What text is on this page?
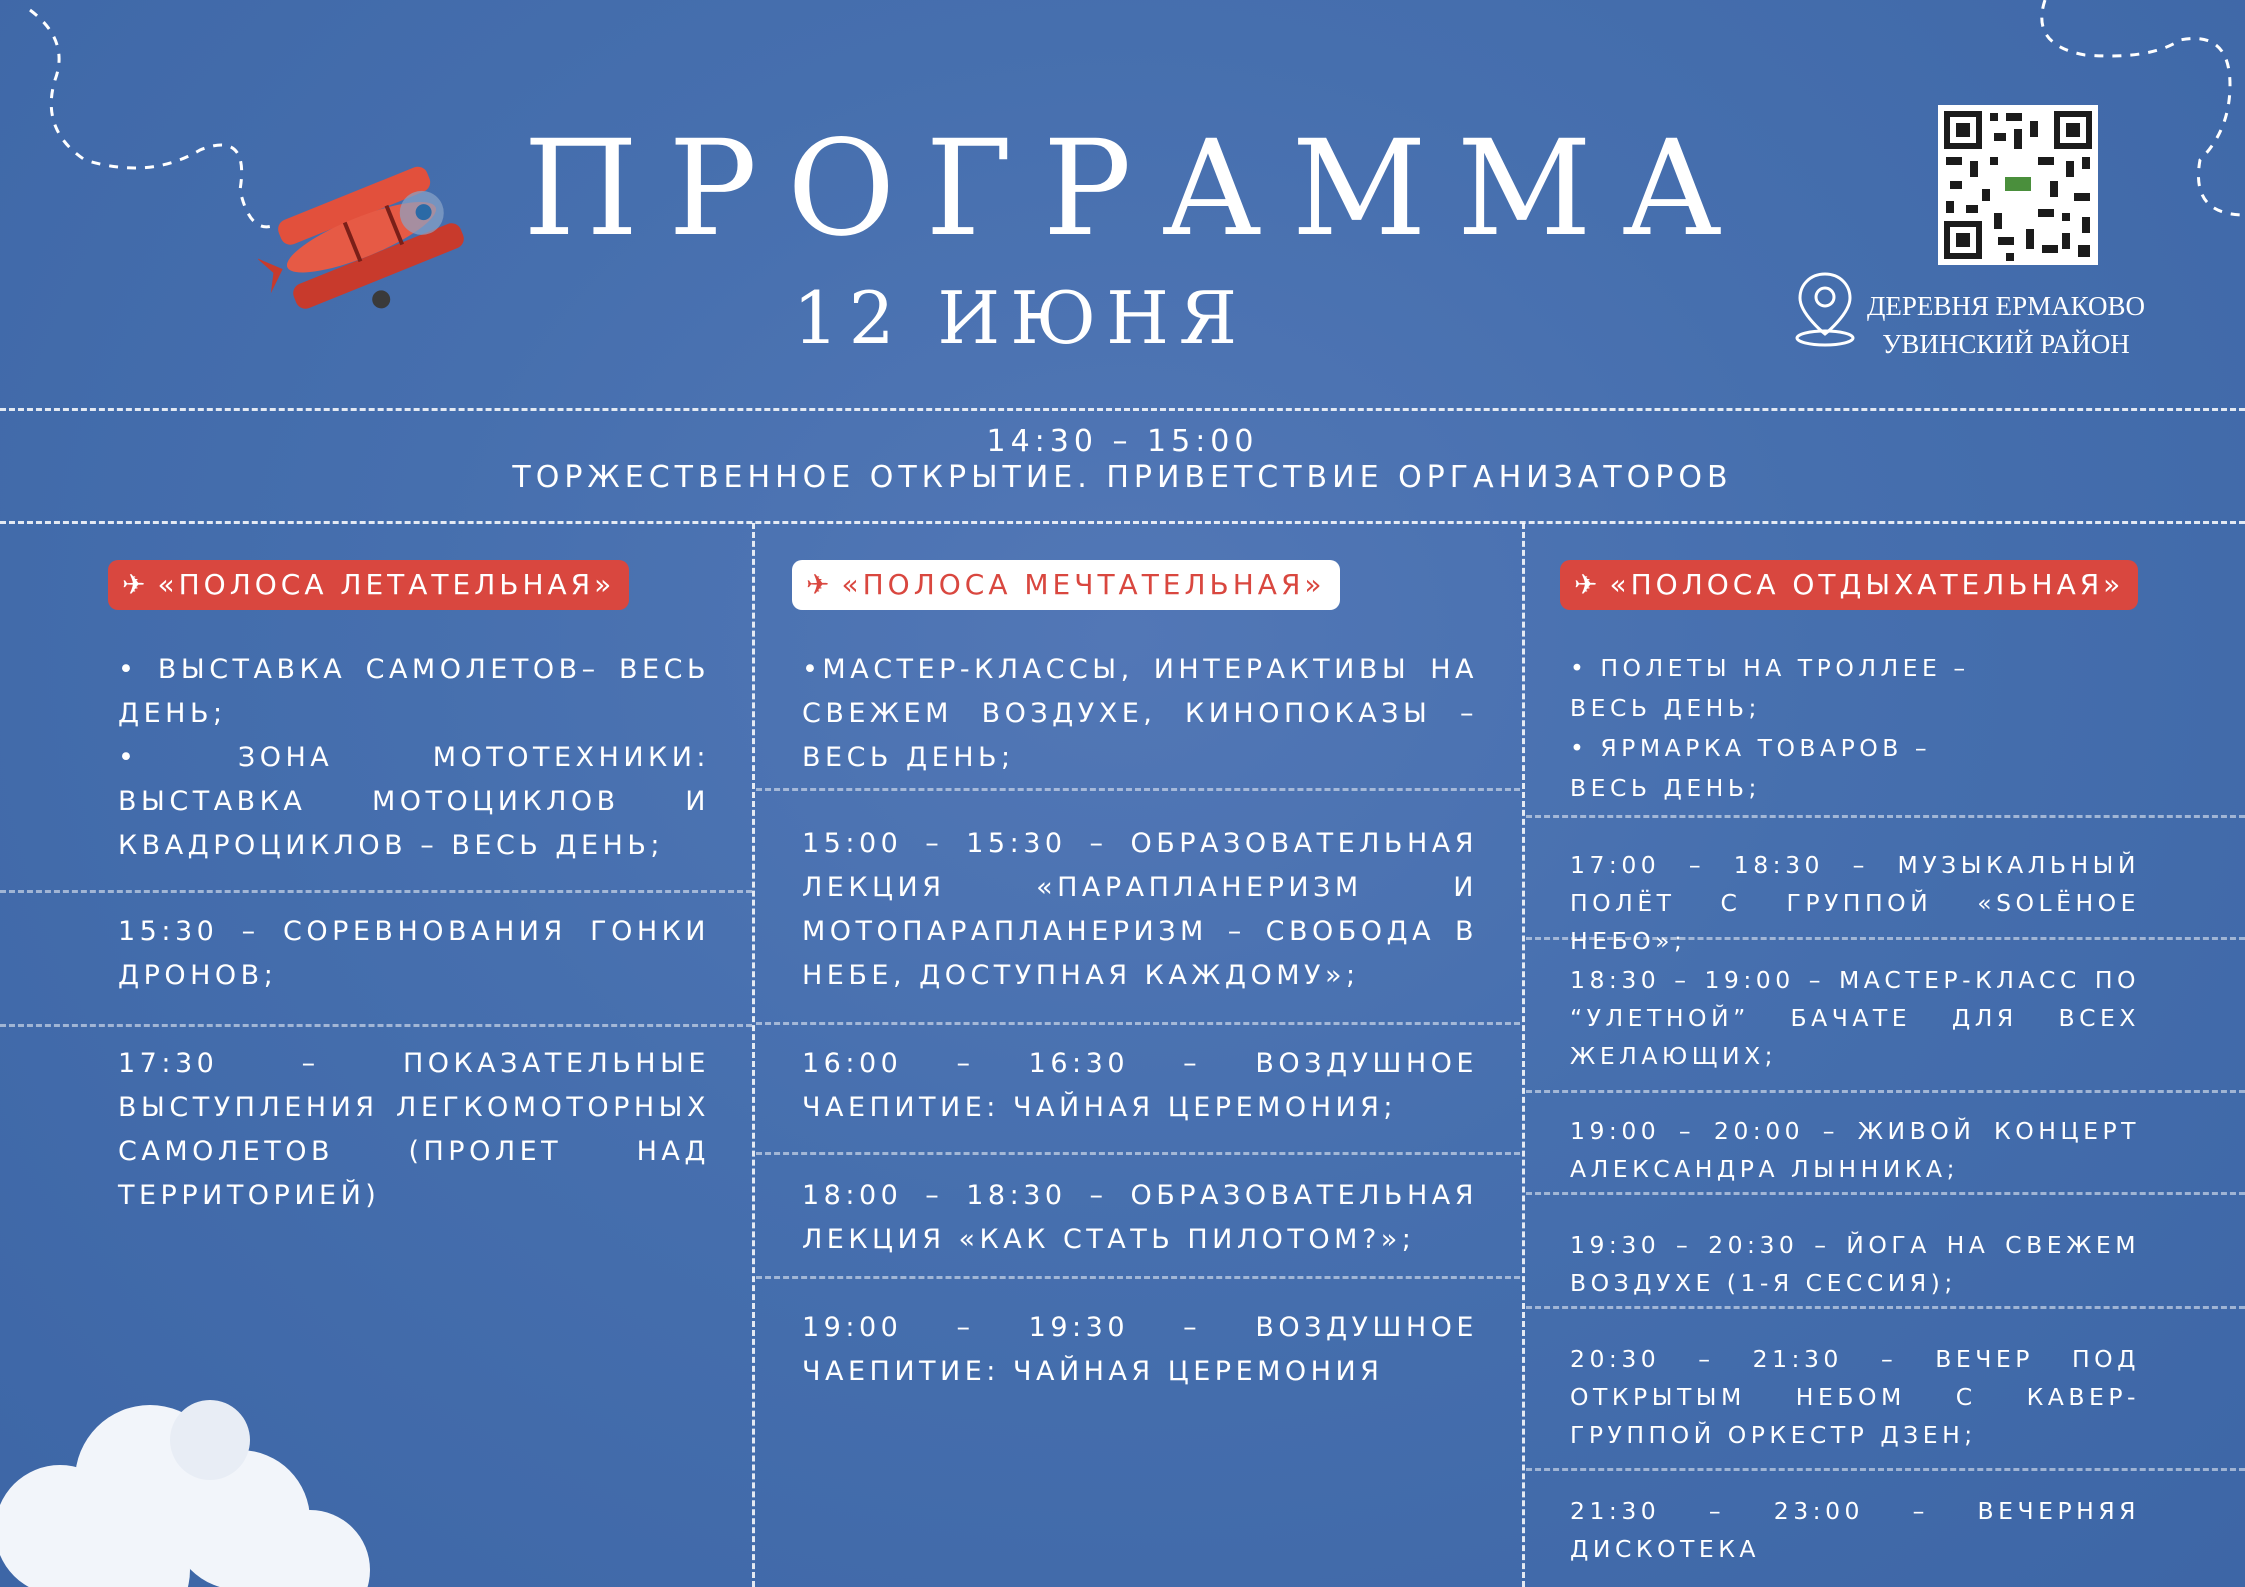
ПРОГРАММА
12 ИЮНЯ	ДЕРЕВНЯ ЕРМАКОВО
УВИНСКИЙ РАЙОН
14:30 – 15:00
ТОРЖЕСТВЕННОЕ ОТКРЫТИЕ. ПРИВЕТСТВИЕ ОРГАНИЗАТОРОВ
✈ «ПОЛОСА ЛЕТАТЕЛЬНАЯ»
• ВЫСТАВКА САМОЛЕТОВ– ВЕСЬ ДЕНЬ;
• ЗОНА МОТОТЕХНИКИ: ВЫСТАВКА МОТОЦИКЛОВ И КВАДРОЦИКЛОВ – ВЕСЬ ДЕНЬ;
15:30 – СОРЕВНОВАНИЯ ГОНКИ ДРОНОВ;
17:30 – ПОКАЗАТЕЛЬНЫЕ ВЫСТУПЛЕНИЯ ЛЕГКОМОТОРНЫХ САМОЛЕТОВ (ПРОЛЕТ НАД ТЕРРИТОРИЕЙ)
✈ «ПОЛОСА МЕЧТАТЕЛЬНАЯ»
•МАСТЕР-КЛАССЫ, ИНТЕРАКТИВЫ НА СВЕЖЕМ ВОЗДУХЕ, КИНОПОКАЗЫ – ВЕСЬ ДЕНЬ;
15:00 – 15:30 – ОБРАЗОВАТЕЛЬНАЯ ЛЕКЦИЯ «ПАРАПЛАНЕРИЗМ И МОТОПАРАПЛАНЕРИЗМ – СВОБОДА В НЕБЕ, ДОСТУПНАЯ КАЖДОМУ»;
16:00 – 16:30 – ВОЗДУШНОЕ ЧАЕПИТИЕ: ЧАЙНАЯ ЦЕРЕМОНИЯ;
18:00 – 18:30 – ОБРАЗОВАТЕЛЬНАЯ ЛЕКЦИЯ «КАК СТАТЬ ПИЛОТОМ?»;
19:00 – 19:30 – ВОЗДУШНОЕ ЧАЕПИТИЕ: ЧАЙНАЯ ЦЕРЕМОНИЯ
✈ «ПОЛОСА ОТДЫХАТЕЛЬНАЯ»
• ПОЛЕТЫ НА ТРОЛЛЕЕ –
ВЕСЬ ДЕНЬ;
• ЯРМАРКА ТОВАРОВ –
ВЕСЬ ДЕНЬ;
17:00 – 18:30 – МУЗЫКАЛЬНЫЙ ПОЛЁТ С ГРУППОЙ «SOLЁНОЕ НЕБО»;
18:30 – 19:00 – МАСТЕР-КЛАСС ПО “УЛЕТНОЙ” БАЧАТЕ ДЛЯ ВСЕХ ЖЕЛАЮЩИХ;
19:00 – 20:00 – ЖИВОЙ КОНЦЕРТ АЛЕКСАНДРА ЛЫННИКА;
19:30 – 20:30 – ЙОГА НА СВЕЖЕМ ВОЗДУХЕ (1-Я СЕССИЯ);
20:30 – 21:30 – ВЕЧЕР ПОД ОТКРЫТЫМ НЕБОМ С КАВЕР-ГРУППОЙ ОРКЕСТР ДЗЕН;
21:30 – 23:00 – ВЕЧЕРНЯЯ ДИСКОТЕКА
